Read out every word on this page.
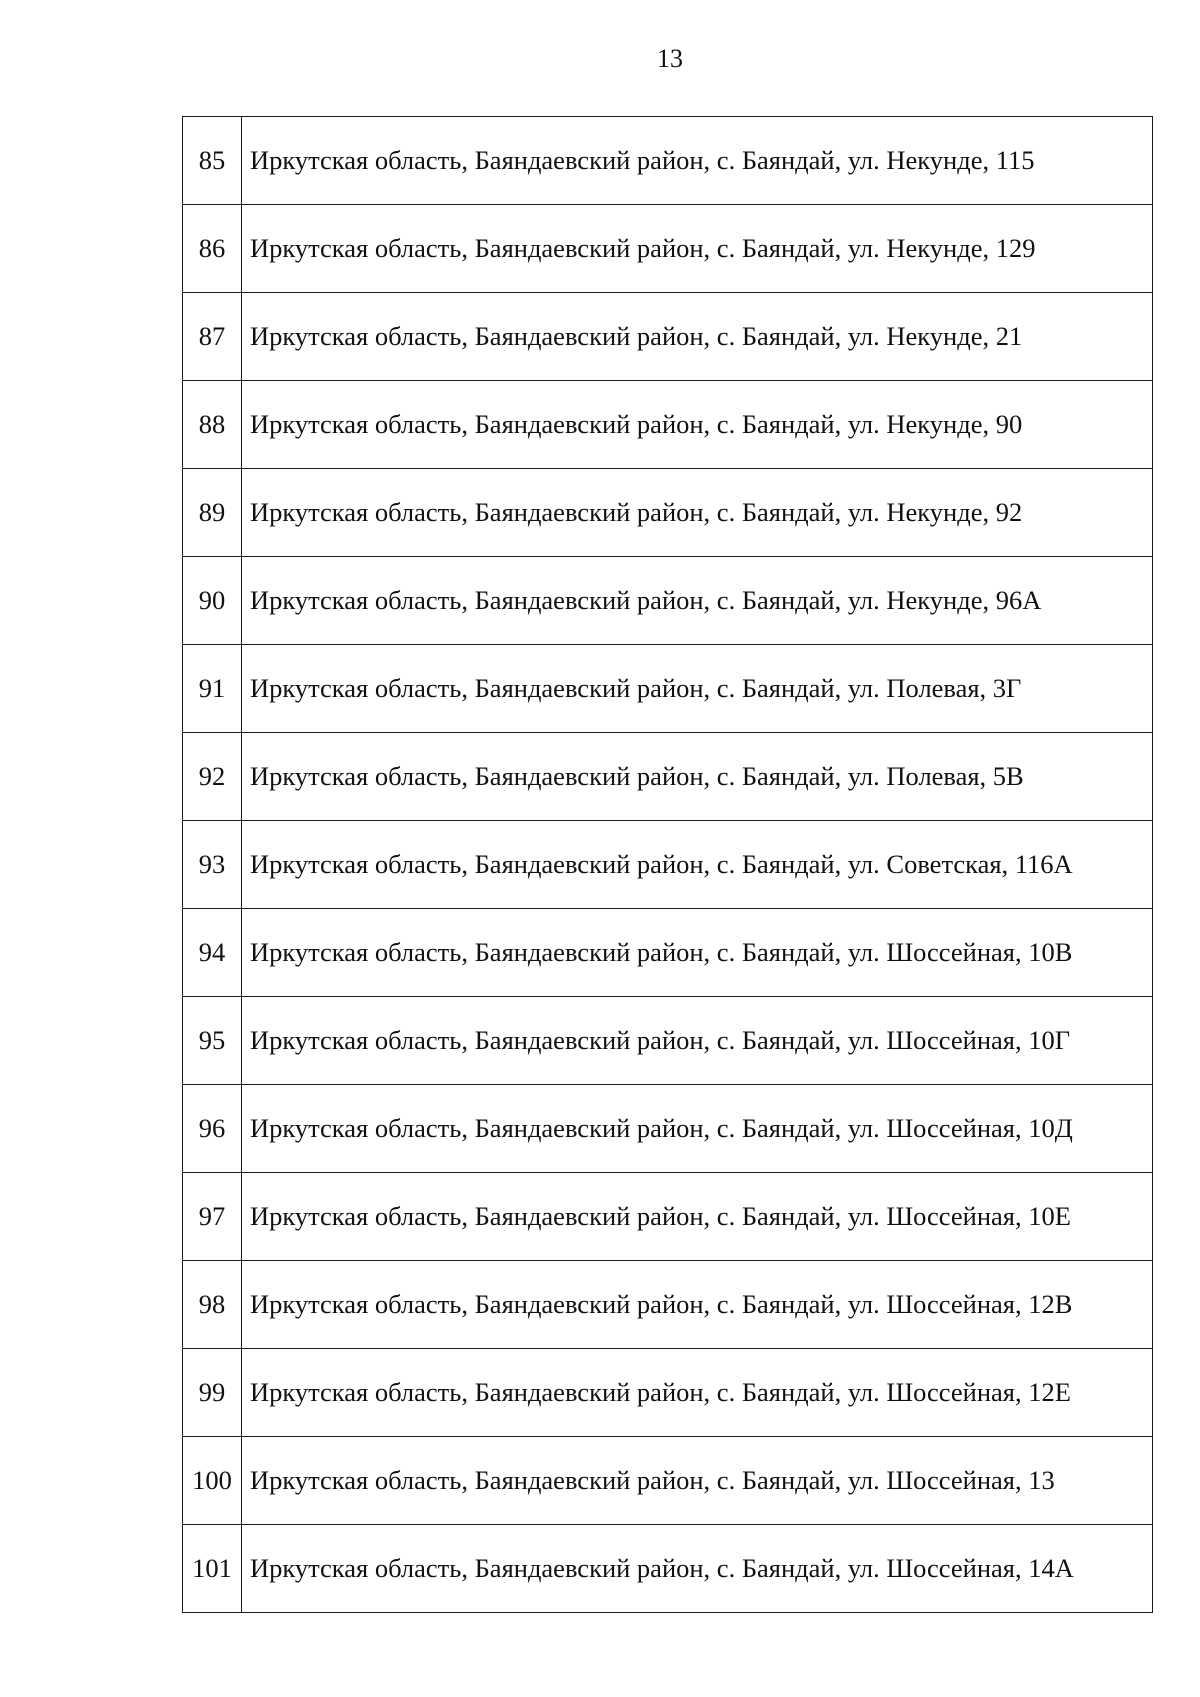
13
85	Иркутская область, Баяндаевский район, с. Баяндай, ул. Некунде, 115
86	Иркутская область, Баяндаевский район, с. Баяндай, ул. Некунде, 129
87	Иркутская область, Баяндаевский район, с. Баяндай, ул. Некунде, 21
88	Иркутская область, Баяндаевский район, с. Баяндай, ул. Некунде, 90
89	Иркутская область, Баяндаевский район, с. Баяндай, ул. Некунде, 92
90	Иркутская область, Баяндаевский район, с. Баяндай, ул. Некунде, 96А
91	Иркутская область, Баяндаевский район, с. Баяндай, ул. Полевая, 3Г
92	Иркутская область, Баяндаевский район, с. Баяндай, ул. Полевая, 5В
93	Иркутская область, Баяндаевский район, с. Баяндай, ул. Советская, 116А
94	Иркутская область, Баяндаевский район, с. Баяндай, ул. Шоссейная, 10В
95	Иркутская область, Баяндаевский район, с. Баяндай, ул. Шоссейная, 10Г
96	Иркутская область, Баяндаевский район, с. Баяндай, ул. Шоссейная, 10Д
97	Иркутская область, Баяндаевский район, с. Баяндай, ул. Шоссейная, 10Е
98	Иркутская область, Баяндаевский район, с. Баяндай, ул. Шоссейная, 12В
99	Иркутская область, Баяндаевский район, с. Баяндай, ул. Шоссейная, 12Е
100	Иркутская область, Баяндаевский район, с. Баяндай, ул. Шоссейная, 13
101	Иркутская область, Баяндаевский район, с. Баяндай, ул. Шоссейная, 14А
